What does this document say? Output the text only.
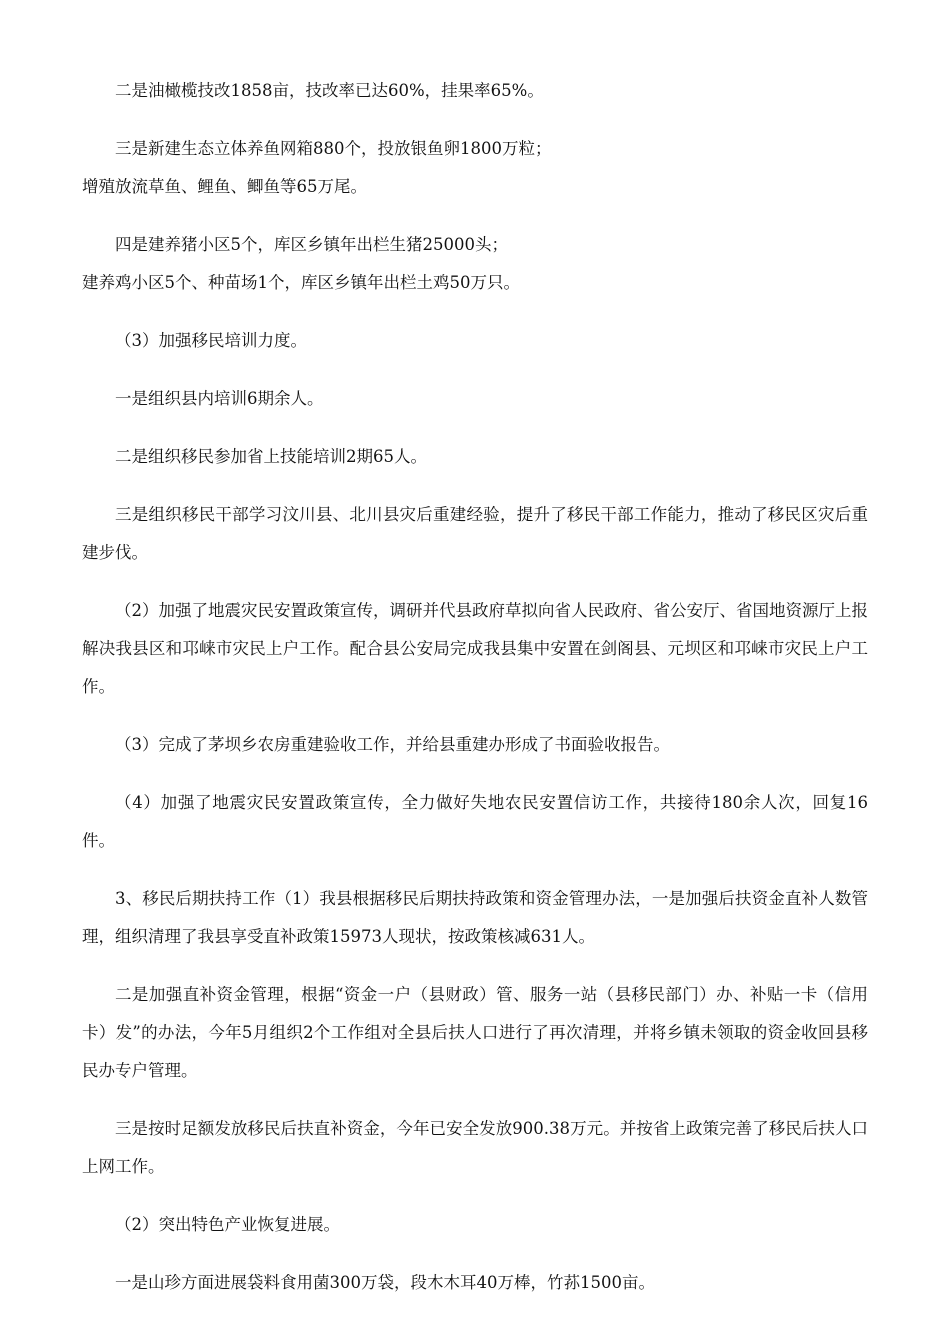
二是油橄榄技改1858亩，技改率已达60%，挂果率65%。

三是新建生态立体养鱼网箱880个，投放银鱼卵1800万粒；
增殖放流草鱼、鲤鱼、鲫鱼等65万尾。
四是建养猪小区5个，库区乡镇年出栏生猪25000头；
建养鸡小区5个、种苗场1个，库区乡镇年出栏土鸡50万只。

（3）加强移民培训力度。

一是组织县内培训6期余人。

二是组织移民参加省上技能培训2期65人。

三是组织移民干部学习汶川县、北川县灾后重建经验，提升了移民干部工作能力，推动了移民区灾后重建步伐。

（2）加强了地震灾民安置政策宣传，调研并代县政府草拟向省人民政府、省公安厅、省国地资源厅上报解决我县区和邛崃市灾民上户工作。配合县公安局完成我县集中安置在剑阁县、元坝区和邛崃市灾民上户工作。

（3）完成了茅坝乡农房重建验收工作，并给县重建办形成了书面验收报告。

（4）加强了地震灾民安置政策宣传，全力做好失地农民安置信访工作，共接待180余人次，回复16件。

3、移民后期扶持工作（1）我县根据移民后期扶持政策和资金管理办法，一是加强后扶资金直补人数管理，组织清理了我县享受直补政策15973人现状，按政策核减631人。

二是加强直补资金管理，根据“资金一户（县财政）管、服务一站（县移民部门）办、补贴一卡（信用卡）发”的办法，今年5月组织2个工作组对全县后扶人口进行了再次清理，并将乡镇未领取的资金收回县移民办专户管理。

三是按时足额发放移民后扶直补资金，今年已安全发放900.38万元。并按省上政策完善了移民后扶人口上网工作。

（2）突出特色产业恢复进展。

一是山珍方面进展袋料食用菌300万袋，段木木耳40万棒，竹荪1500亩。
